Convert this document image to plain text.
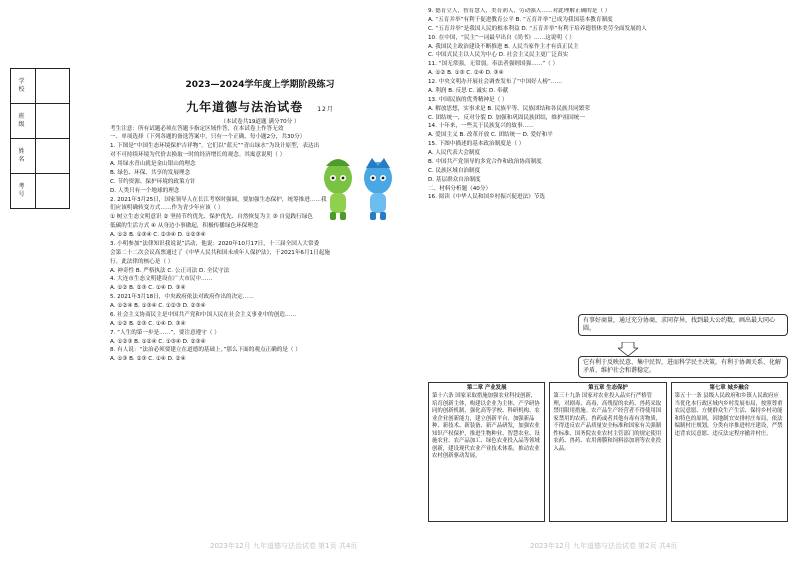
学 校	
班 级	
姓 名	
考 号	
2023—2024学年度上学期阶段练习
九年道德与法治试卷 12月
（本试卷共19道题 满分70分 ）

考生注意：所有试题必须在答题卡指定区域作答，在本试卷上作答无效

一、单项选择（下列各题的备选答案中，只有一个正确，每小题2分，共30分）

1. 下图是“中国生态环境保护吉祥物”。它们以“蓝天”“青山绿水”为设计原型，表达出

对不可持续环境为代价去换取一时的经济增长的观念。其寓意说明（ ）

A. 用绿水青山就是金山银山的理念

B. 绿色、环保、共享的发展理念

C. 节约资源、保护环境的政策方针

D. 人类只有一个地球的理念

2. 2021年3月25日，国家领导人在长江考察时强调，要加强生态保护，统筹推进……我

们应该明确转变方式……作为青少年应该（ ）

① 树立生态文明意识 ② 坚持节约优先、保护优先、自然恢复为主 ③ 自觉践行绿色

低碳的生活方式 ④ 从身边小事做起，积极传播绿色环保理念

A. ①② B. ①③④ C. ②③④ D. ①②③④

3. 小明参加“法律知识我说说”活动，他说：2020年10月17日，十三届全国人大常委

会第二十二次会议高票通过了《中华人民共和国未成年人保护法》，于2021年6月1日起施

行。此法律的核心是（ ）

A. 神奇性 B. 严格执法 C. 公正司法 D. 全民守法

4. 大连市生态文明建设在广大市民中……

A. ①② B. ②③ C. ①④ D. ③④

5. 2021年3月18日，中央政府依法对政府作出的决定……

A. ①②④ B. ①③④ C. ①②③ D. ②③④

6. 社会主义协商民主是中国共产党和中国人民在社会主义事业中的创造……

A. ①② B. ②③ C. ①④ D. ③④

7. “人生的第一步是……”，要注意遵守（ ）

A. ①②③ B. ①②④ C. ①③④ D. ②③④

8. 有人说：“法治必须要建立在道德的基础上。”那么下面的观点正确的是（ ）

A. ①③ B. ②③ C. ①④ D. ②④

9. 德育立人，智育慧人，美育润人，劳动强人……对此理解正确的是（ ）

A. “五育并举”有利于促进教育公平 B. “五育并举”已成为我国基本教育制度

C. “五育并举”是我国人民的根本利益 D. “五育并举”有利于培养德智体美劳全面发展的人

10. 在中国，“民主”一词最早出自《尚书》……这说明（ ）

A. 我国民主政治建设不断推进 B. 人民当家作主才有真正民主

C. 中国式民主以人民为中心 D. 社会主义民主更广泛真实

11. “国无常强，无常弱。奉法者强则国强……”（ ）

A. ①② B. ①③ C. ②④ D. ③④

12. 中央文明办开展社会调查发布了“中国好人榜”……

A. 利润 B. 反思 C. 诚实 D. 奉献

13. 中国民族的优秀精神是（ ）

A. 解放思想，实事求是 B. 民族平等、民族团结和各民族共同繁荣

C. 团结统一，反对分裂 D. 加强和巩固民族团结，维护祖国统一

14. 十年来，一些关于民族复兴的故事……

A. 爱国主义 B. 改革开放 C. 团结统一 D. 爱好和平

15. 下图中描述的基本政治制度是（ ）

A. 人民代表大会制度

B. 中国共产党领导的多党合作和政治协商制度

C. 民族区域自治制度

D. 基层群众自治制度

二、材料分析题（40分）

16. 阅读《中华人民和国乡村振兴促进法》节选

有事好商量，通过充分协商，求同存异，找到最大公约数，画出最大同心圆。
它有利于反映民意、集中民智，进而科学民主决策，有利于协调关系、化解矛盾、维护社会和谐稳定。
第二章 产业发展
第十六条 国家采取措施加强农业科技创新，培育创新主体，构建以企业为主体、产学研协同的创新机制，强化高等学校、科研机构、农业企业创新能力，建立创新平台，加强新品种、新技术、新装备、新产品研发，加强农业知识产权保护，推进生物种业、智慧农业、设施农业、农产品加工、绿色农业投入品等领域创新，建设现代农业产业技术体系，推动农业农村创新驱动发展。
第五章 生态保护
第三十九条 国家对农业投入品实行严格管理，对剧毒、高毒、高残留的农药、兽药采取禁用限用措施。农产品生产经营者不得使用国家禁用的农药、兽药或者其他有毒有害物质，不得违反农产品质量安全标准和国家有关强制性标准、国务院农业农村主管部门的规定使用农药、兽药、农用薄膜和饲料添加剂等农业投入品。
第七章 城乡融合
第五十一条 县级人民政府和乡镇人民政府应当优化本行政区域内乡村发展布局，按照尊重农民意愿、方便群众生产生活、保持乡村功能和特色的原则，因地制宜安排村庄布局，依法编制村庄规划，分类有序推进村庄建设，严禁违背农民意愿、违反法定程序撤并村庄。
2023年12月 九年道德与法治试卷 第1页 共4页	2023年12月 九年道德与法治试卷 第2页 共4页
